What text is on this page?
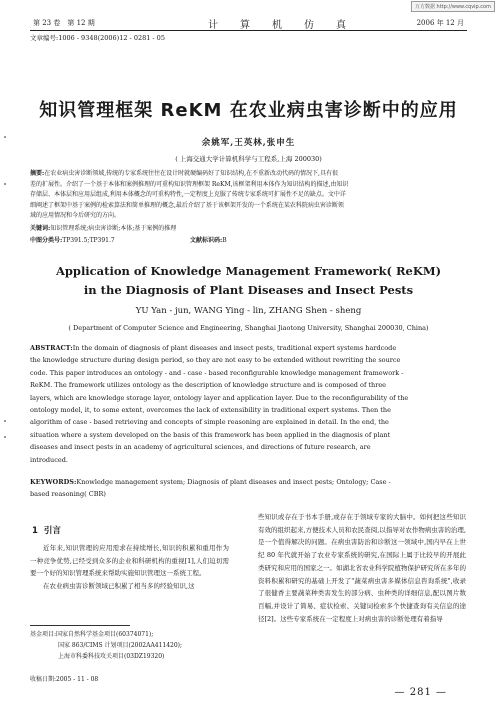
万方数据 http://www.cqvip.com
第 23 卷　第 12 期	计算机仿真	2006 年 12 月
文章编号:1006 - 9348(2006)12 - 0281 - 05
知识管理框架 ReKM 在农业病虫害诊断中的应用
余姚军,王英林,张申生
( 上海交通大学计算机科学与工程系,上海 200030)
摘要:在农业病虫害诊断领域,传统的专家系统往往在设计时就硬编码好了知识结构,在不重新改动代码的情况下,具有很
差的扩展性。介绍了一个基于本体和案例推理的可重构知识管理框架 ReKM,该框架利用本体作为知识结构的描述,由知识
存储层、本体层和应用层组成,利用本体概念的可重构特性,一定程度上克服了传统专家系统可扩展性不足的缺点。文中详
细阐述了框架中基于案例的检索算法和简单推理的概念,最后介绍了基于该框架开发的一个系统在某农科院病虫害诊断领
域的应用情况和今后研究的方向。
关键词:知识管理系统;病虫害诊断;本体;基于案例的推理
中图分类号:TP391.5;TP391.7	文献标识码:B
Application of Knowledge Management Framework( ReKM)
in the Diagnosis of Plant Diseases and Insect Pests
YU Yan - jun, WANG Ying - lin, ZHANG Shen - sheng
( Department of Computer Science and Engineering, Shanghai Jiaotong University, Shanghai 200030, China)
ABSTRACT:In the domain of diagnosis of plant diseases and insect pests, traditional expert systems hardcode
the knowledge structure during design period, so they are not easy to be extended without rewriting the source
code. This paper introduces an ontology - and - case - based reconfigurable knowledge management framework -
ReKM. The framework utilizes ontology as the description of knowledge structure and is composed of three
layers, which are knowledge storage layer, ontology layer and application layer. Due to the reconfigurability of the
ontology model, it, to some extent, overcomes the lack of extensibility in traditional expert systems. Then the
algorithm of case - based retrieving and concepts of simple reasoning are explained in detail. In the end, the
situation where a system developed on the basis of this framework has been applied in the diagnosis of plant
diseases and insect pests in an academy of agricultural sciences, and directions of future research, are
introduced.
KEYWORDS:Knowledge management system; Diagnosis of plant diseases and insect pests; Ontology; Case -
based reasoning( CBR)
1 引言

近年来,知识管理的应用需求在持续增长,知识的积累和重用作为一种竞争优势,已经受到众多的企业和科研机构的重视[1],人们迫切需要一个好的知识管理系统来帮助实施知识管理这一系统工程。

在农业病虫害诊断领域已积累了相当多的经验知识,这

些知识或存在于书本手册,或存在于领域专家的大脑中。如何把这些知识有效的组织起来,方便技术人员和农民查阅,以指导对农作物病虫害的治理,是一个值得解决的问题。在病虫害防治和诊断这一领域中,国内早在上世纪 80 年代就开始了农业专家系统的研究,在国际上属于比较早的开展此类研究和应用的国家之一。如湖北省农业科学院植物保护研究所在多年的资料积累和研究的基础上开发了"蔬菜病虫害多媒体信息咨询系统",收录了很健香主要蔬菜种类害发生的部分病、虫种类的详细信息,配以图片数百幅,并设计了简易、症状检索、关键词检索多个快捷查询有关信息的途径[2]。这些专家系统在一定程度上对病虫害的诊断处理有着指导

基金项目:国家自然科学基金项目(60374071);
国家 863/CIMS 计划项目(2002AA411420);
上海市科委科技攻关项目(03DZ19320)
收稿日期:2005 - 11 - 08
— 281 —
